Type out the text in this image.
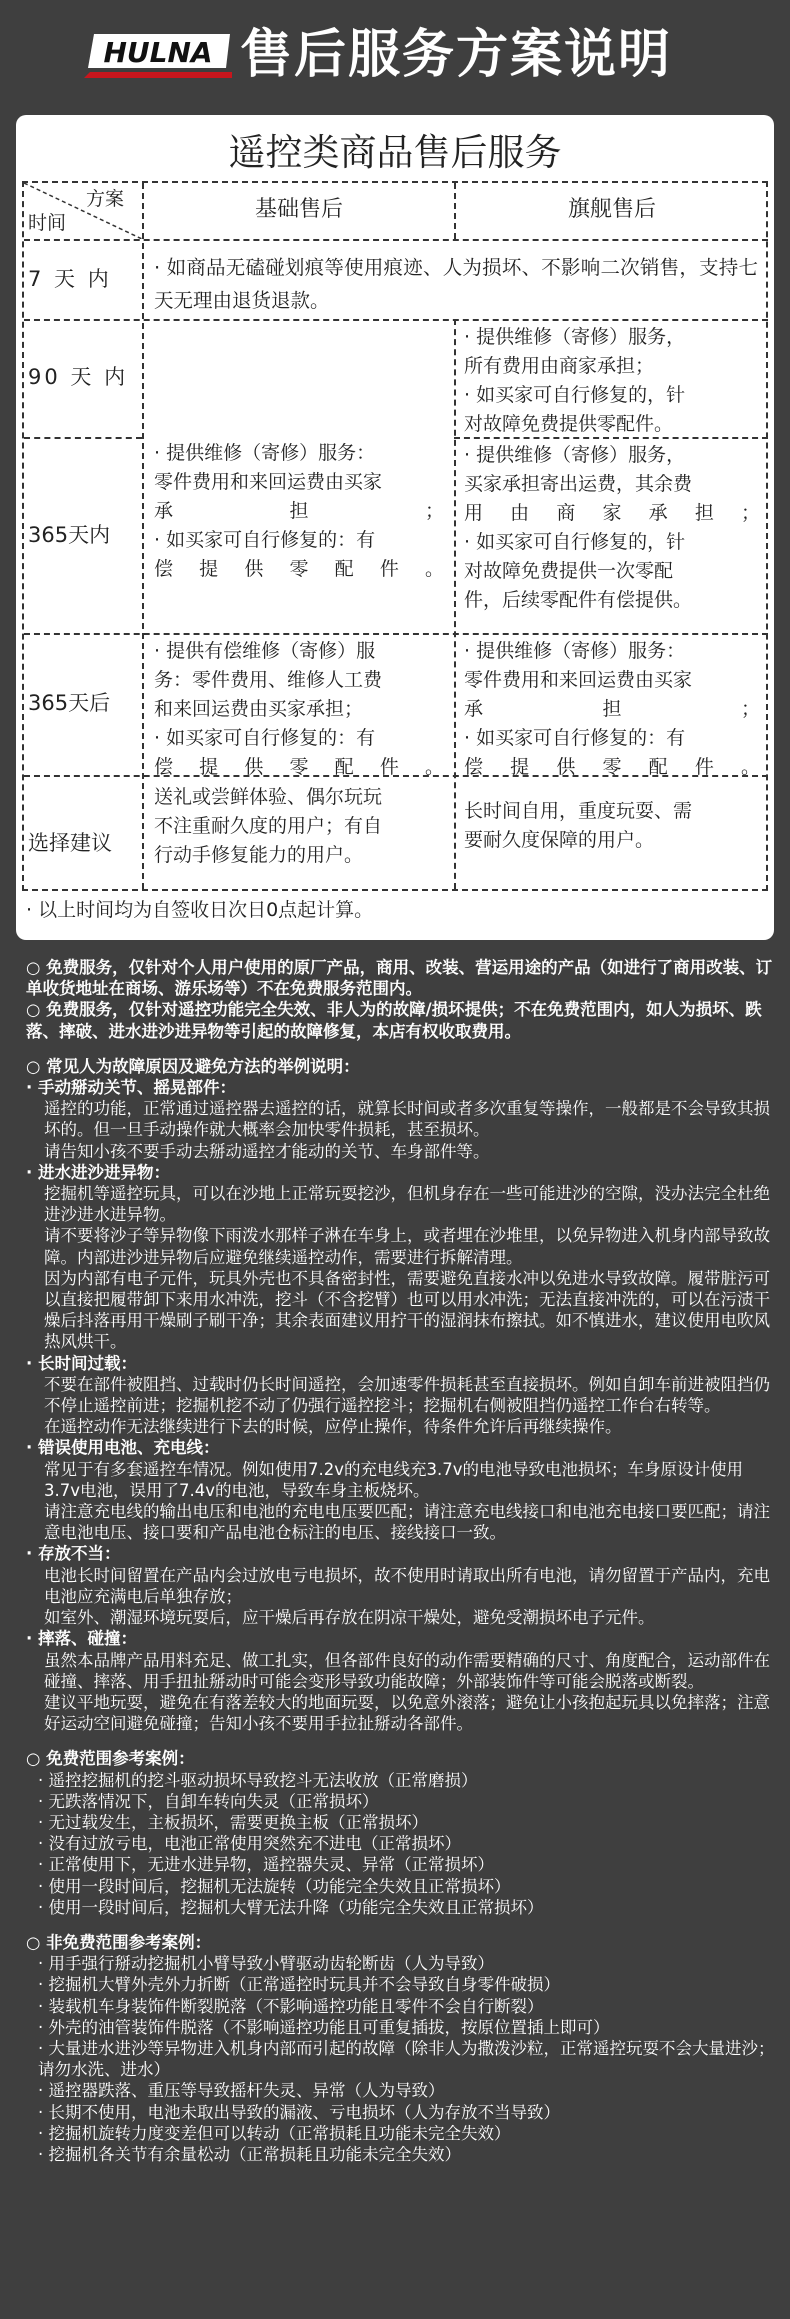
HULNA 售后服务方案说明
遥控类商品售后服务
方案
时间
基础售后	旗舰售后
7 天 内
90 天 内
365天内
365天后
选择建议
· 如商品无磕碰划痕等使用痕迹、人为损坏、不影响二次销售，支持七天无理由退货退款。
· 提供维修（寄修）服务：
零件费用和来回运费由买家
承担；
· 如买家可自行修复的：有
偿提供零配件。
· 提供维修（寄修）服务，
所有费用由商家承担；
· 如买家可自行修复的，针
对故障免费提供零配件。
· 提供维修（寄修）服务，
买家承担寄出运费，其余费
用由商家承担；
· 如买家可自行修复的，针
对故障免费提供一次零配
件，后续零配件有偿提供。
· 提供有偿维修（寄修）服
务：零件费用、维修人工费
和来回运费由买家承担；
· 如买家可自行修复的：有
偿提供零配件。
· 提供维修（寄修）服务：
零件费用和来回运费由买家
承担；
· 如买家可自行修复的：有
偿提供零配件。
送礼或尝鲜体验、偶尔玩玩
不注重耐久度的用户；有自
行动手修复能力的用户。
长时间自用，重度玩耍、需
要耐久度保障的用户。
· 以上时间均为自签收日次日0点起计算。

○ 免费服务，仅针对个人用户使用的原厂产品，商用、改装、营运用途的产品（如进行了商用改装、订单收货地址在商场、游乐场等）不在免费服务范围内。

○ 免费服务，仅针对遥控功能完全失效、非人为的故障/损坏提供；不在免费范围内，如人为损坏、跌落、摔破、进水进沙进异物等引起的故障修复，本店有权收取费用。

○ 常见人为故障原因及避免方法的举例说明：

· 手动掰动关节、摇晃部件：

遥控的功能，正常通过遥控器去遥控的话，就算长时间或者多次重复等操作，一般都是不会导致其损坏的。但一旦手动操作就大概率会加快零件损耗，甚至损坏。

请告知小孩不要手动去掰动遥控才能动的关节、车身部件等。

· 进水进沙进异物：

挖掘机等遥控玩具，可以在沙地上正常玩耍挖沙，但机身存在一些可能进沙的空隙，没办法完全杜绝进沙进水进异物。

请不要将沙子等异物像下雨泼水那样子淋在车身上，或者埋在沙堆里，以免异物进入机身内部导致故障。内部进沙进异物后应避免继续遥控动作，需要进行拆解清理。

因为内部有电子元件，玩具外壳也不具备密封性，需要避免直接水冲以免进水导致故障。履带脏污可以直接把履带卸下来用水冲洗，挖斗（不含挖臂）也可以用水冲洗；无法直接冲洗的，可以在污渍干燥后抖落再用干燥刷子刷干净；其余表面建议用拧干的湿润抹布擦拭。如不慎进水，建议使用电吹风热风烘干。

· 长时间过载：

不要在部件被阻挡、过载时仍长时间遥控，会加速零件损耗甚至直接损坏。例如自卸车前进被阻挡仍不停止遥控前进；挖掘机挖不动了仍强行遥控挖斗；挖掘机右侧被阻挡仍遥控工作台右转等。

在遥控动作无法继续进行下去的时候，应停止操作，待条件允许后再继续操作。

· 错误使用电池、充电线：

常见于有多套遥控车情况。例如使用7.2v的充电线充3.7v的电池导致电池损坏；车身原设计使用3.7v电池，误用了7.4v的电池，导致车身主板烧坏。

请注意充电线的输出电压和电池的充电电压要匹配；请注意充电线接口和电池充电接口要匹配；请注意电池电压、接口要和产品电池仓标注的电压、接线接口一致。

· 存放不当：

电池长时间留置在产品内会过放电亏电损坏，故不使用时请取出所有电池，请勿留置于产品内，充电电池应充满电后单独存放；

如室外、潮湿环境玩耍后，应干燥后再存放在阴凉干燥处，避免受潮损坏电子元件。

· 摔落、碰撞：

虽然本品牌产品用料充足、做工扎实，但各部件良好的动作需要精确的尺寸、角度配合，运动部件在碰撞、摔落、用手扭扯掰动时可能会变形导致功能故障；外部装饰件等可能会脱落或断裂。

建议平地玩耍，避免在有落差较大的地面玩耍，以免意外滚落；避免让小孩抱起玩具以免摔落；注意好运动空间避免碰撞；告知小孩不要用手拉扯掰动各部件。

○ 免费范围参考案例：

· 遥控挖掘机的挖斗驱动损坏导致挖斗无法收放（正常磨损）

· 无跌落情况下，自卸车转向失灵（正常损坏）

· 无过载发生，主板损坏，需要更换主板（正常损坏）

· 没有过放亏电，电池正常使用突然充不进电（正常损坏）

· 正常使用下，无进水进异物，遥控器失灵、异常（正常损坏）

· 使用一段时间后，挖掘机无法旋转（功能完全失效且正常损坏）

· 使用一段时间后，挖掘机大臂无法升降（功能完全失效且正常损坏）

○ 非免费范围参考案例：

· 用手强行掰动挖掘机小臂导致小臂驱动齿轮断齿（人为导致）

· 挖掘机大臂外壳外力折断（正常遥控时玩具并不会导致自身零件破损）

· 装载机车身装饰件断裂脱落（不影响遥控功能且零件不会自行断裂）

· 外壳的油管装饰件脱落（不影响遥控功能且可重复插拔，按原位置插上即可）

· 大量进水进沙等异物进入机身内部而引起的故障（除非人为撒泼沙粒，正常遥控玩耍不会大量进沙；请勿水洗、进水）

· 遥控器跌落、重压等导致摇杆失灵、异常（人为导致）

· 长期不使用，电池未取出导致的漏液、亏电损坏（人为存放不当导致）

· 挖掘机旋转力度变差但可以转动（正常损耗且功能未完全失效）

· 挖掘机各关节有余量松动（正常损耗且功能未完全失效）
